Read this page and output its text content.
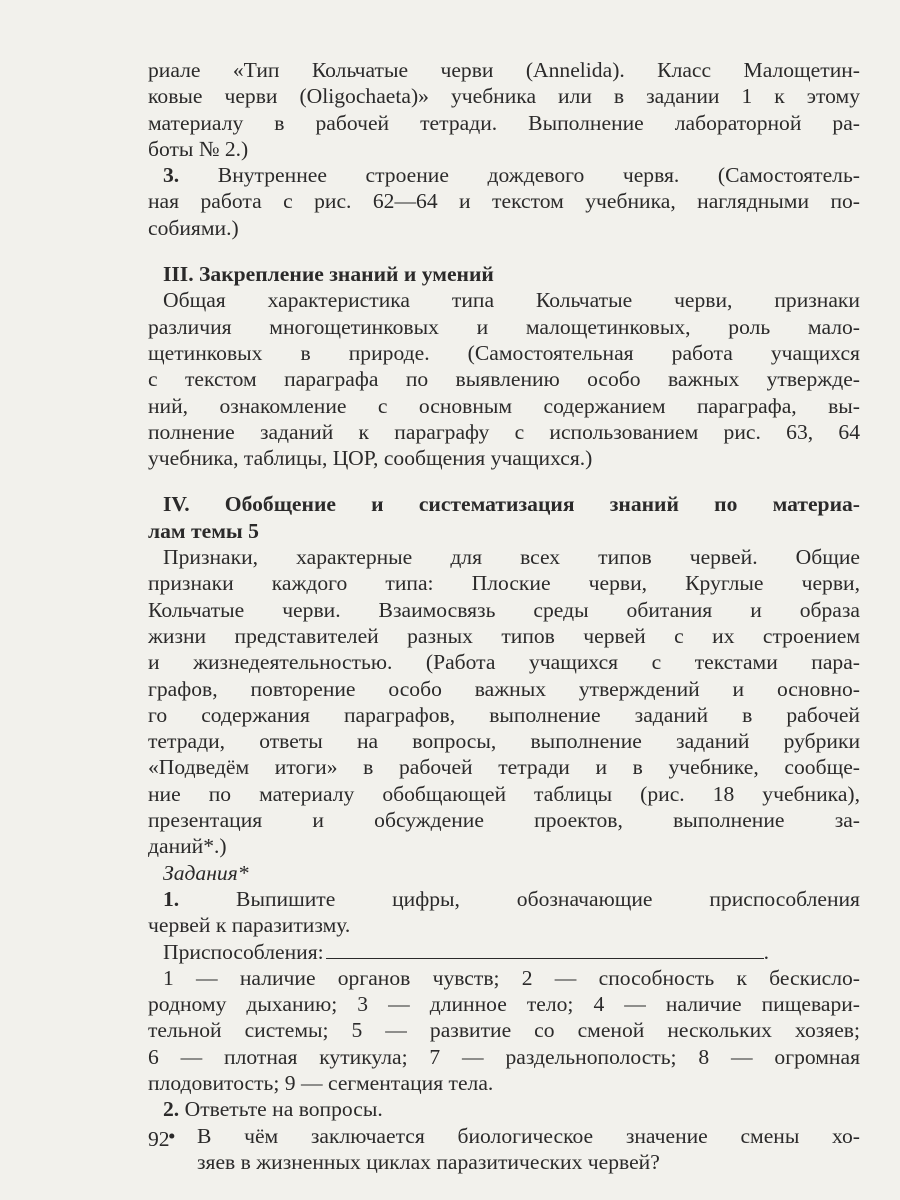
риале «Тип Кольчатые черви (Annelida). Класс Малощетин-
ковые черви (Oligochaeta)» учебника или в задании 1 к этому
материалу в рабочей тетради. Выполнение лабораторной ра-
боты № 2.)
3. Внутреннее строение дождевого червя. (Самостоятель-
ная работа с рис. 62—64 и текстом учебника, наглядными по-
собиями.)
III. Закрепление знаний и умений
Общая характеристика типа Кольчатые черви, признаки
различия многощетинковых и малощетинковых, роль мало-
щетинковых в природе. (Самостоятельная работа учащихся
с текстом параграфа по выявлению особо важных утвержде-
ний, ознакомление с основным содержанием параграфа, вы-
полнение заданий к параграфу с использованием рис. 63, 64
учебника, таблицы, ЦОР, сообщения учащихся.)
IV. Обобщение и систематизация знаний по материа-
лам темы 5
Признаки, характерные для всех типов червей. Общие
признаки каждого типа: Плоские черви, Круглые черви,
Кольчатые черви. Взаимосвязь среды обитания и образа
жизни представителей разных типов червей с их строением
и жизнедеятельностью. (Работа учащихся с текстами пара-
графов, повторение особо важных утверждений и основно-
го содержания параграфов, выполнение заданий в рабочей
тетради, ответы на вопросы, выполнение заданий рубрики
«Подведём итоги» в рабочей тетради и в учебнике, сообще-
ние по материалу обобщающей таблицы (рис. 18 учебника),
презентация и обсуждение проектов, выполнение за-
даний*.)
Задания*
1. Выпишите цифры, обозначающие приспособления
червей к паразитизму.
Приспособления:	.
1 — наличие органов чувств; 2 — способность к бескисло-
родному дыханию; 3 — длинное тело; 4 — наличие пищевари-
тельной системы; 5 — развитие со сменой нескольких хозяев;
6 — плотная кутикула; 7 — раздельнополость; 8 — огромная
плодовитость; 9 — сегментация тела.
2. Ответьте на вопросы.
• В чём заключается биологическое значение смены хо-
зяев в жизненных циклах паразитических червей?
92
